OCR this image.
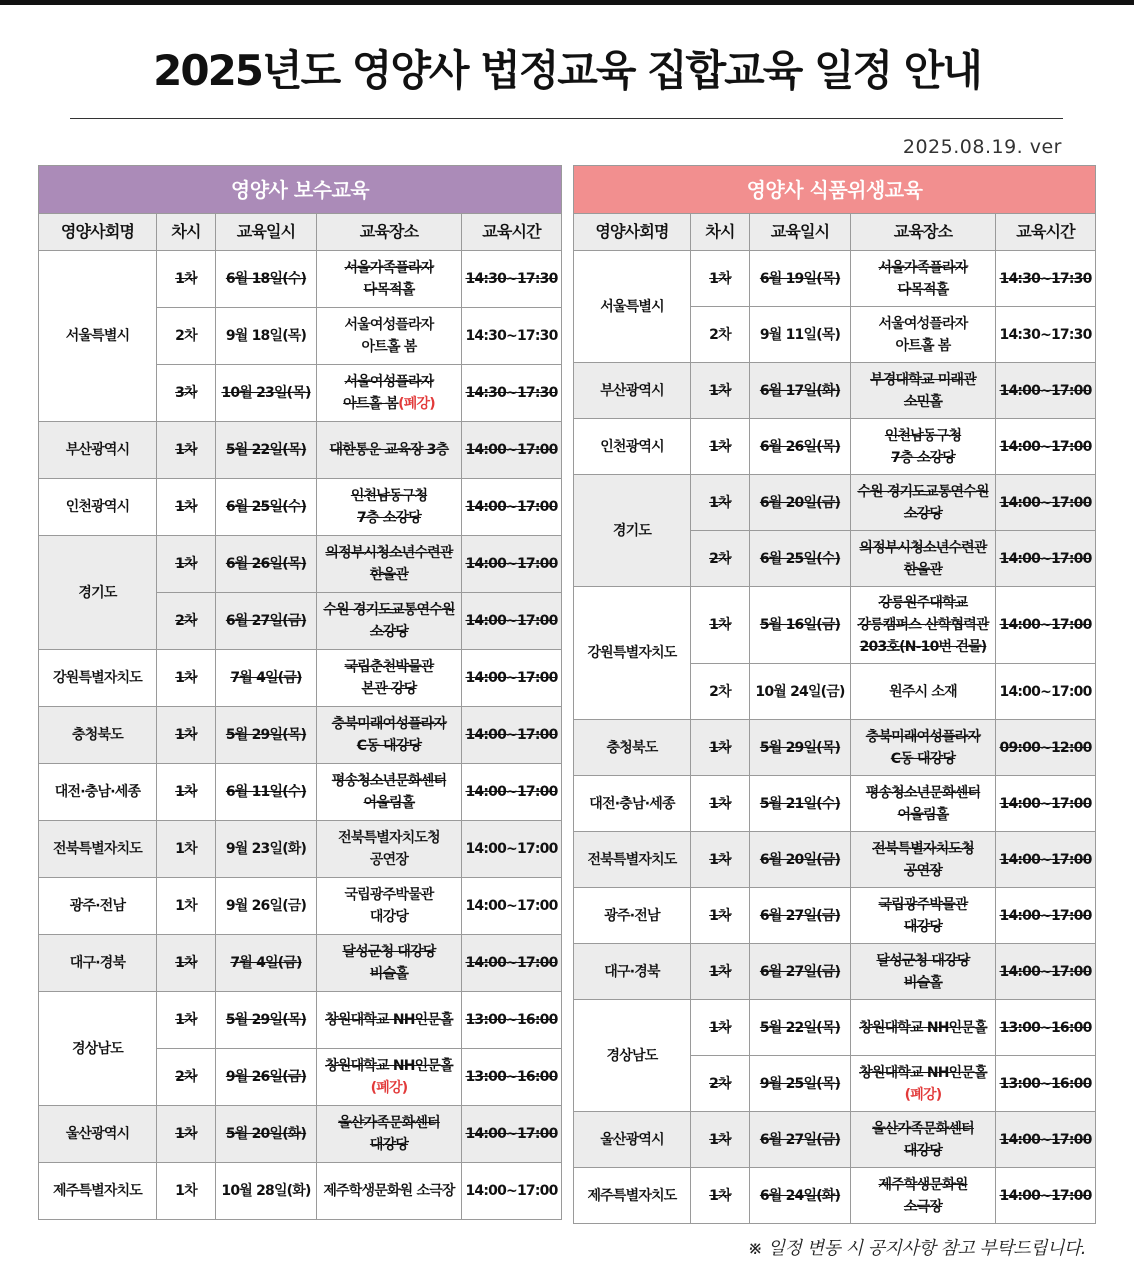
2025년도 영양사 법정교육 집합교육 일정 안내
2025.08.19. ver
영양사 보수교육				
영양사회명	차시	교육일시	교육장소	교육시간
서울특별시	1차	6월 18일(수)	서울가족플라자
다목적홀	14:30~17:30
	2차	9월 18일(목)	서울여성플라자
아트홀 봄	14:30~17:30
	3차	10월 23일(목)	서울여성플라자
아트홀 봄(폐강)	14:30~17:30
부산광역시	1차	5월 22일(목)	대한통운 교육장 3층	14:00~17:00
인천광역시	1차	6월 25일(수)	인천남동구청
7층 소강당	14:00~17:00
경기도	1차	6월 26일(목)	의정부시청소년수련관
한울관	14:00~17:00
	2차	6월 27일(금)	수원 경기도교통연수원
소강당	14:00~17:00
강원특별자치도	1차	7월 4일(금)	국립춘천박물관
본관 강당	14:00~17:00
충청북도	1차	5월 29일(목)	충북미래여성플라자
C동 대강당	14:00~17:00
대전·충남·세종	1차	6월 11일(수)	평송청소년문화센터
어울림홀	14:00~17:00
전북특별자치도	1차	9월 23일(화)	전북특별자치도청
공연장	14:00~17:00
광주·전남	1차	9월 26일(금)	국립광주박물관
대강당	14:00~17:00
대구·경북	1차	7월 4일(금)	달성군청 대강당
비슬홀	14:00~17:00
경상남도	1차	5월 29일(목)	창원대학교 NH인문홀	13:00~16:00
	2차	9월 26일(금)	창원대학교 NH인문홀
(폐강)	13:00~16:00
울산광역시	1차	5월 20일(화)	울산가족문화센터
대강당	14:00~17:00
제주특별자치도	1차	10월 28일(화)	제주학생문화원 소극장	14:00~17:00
영양사 식품위생교육				
영양사회명	차시	교육일시	교육장소	교육시간
서울특별시	1차	6월 19일(목)	서울가족플라자
다목적홀	14:30~17:30
	2차	9월 11일(목)	서울여성플라자
아트홀 봄	14:30~17:30
부산광역시	1차	6월 17일(화)	부경대학교 미래관
소민홀	14:00~17:00
인천광역시	1차	6월 26일(목)	인천남동구청
7층 소강당	14:00~17:00
경기도	1차	6월 20일(금)	수원 경기도교통연수원
소강당	14:00~17:00
	2차	6월 25일(수)	의정부시청소년수련관
한울관	14:00~17:00
강원특별자치도	1차	5월 16일(금)	강릉원주대학교
강릉캠퍼스 산학협력관
203호(N-10번 건물)	14:00~17:00
	2차	10월 24일(금)	원주시 소재	14:00~17:00
충청북도	1차	5월 29일(목)	충북미래여성플라자
C동 대강당	09:00~12:00
대전·충남·세종	1차	5월 21일(수)	평송청소년문화센터
어울림홀	14:00~17:00
전북특별자치도	1차	6월 20일(금)	전북특별자치도청
공연장	14:00~17:00
광주·전남	1차	6월 27일(금)	국립광주박물관
대강당	14:00~17:00
대구·경북	1차	6월 27일(금)	달성군청 대강당
비슬홀	14:00~17:00
경상남도	1차	5월 22일(목)	창원대학교 NH인문홀	13:00~16:00
	2차	9월 25일(목)	창원대학교 NH인문홀
(폐강)	13:00~16:00
울산광역시	1차	6월 27일(금)	울산가족문화센터
대강당	14:00~17:00
제주특별자치도	1차	6월 24일(화)	제주학생문화원
소극장	14:00~17:00
※ 일정 변동 시 공지사항 참고 부탁드립니다.
